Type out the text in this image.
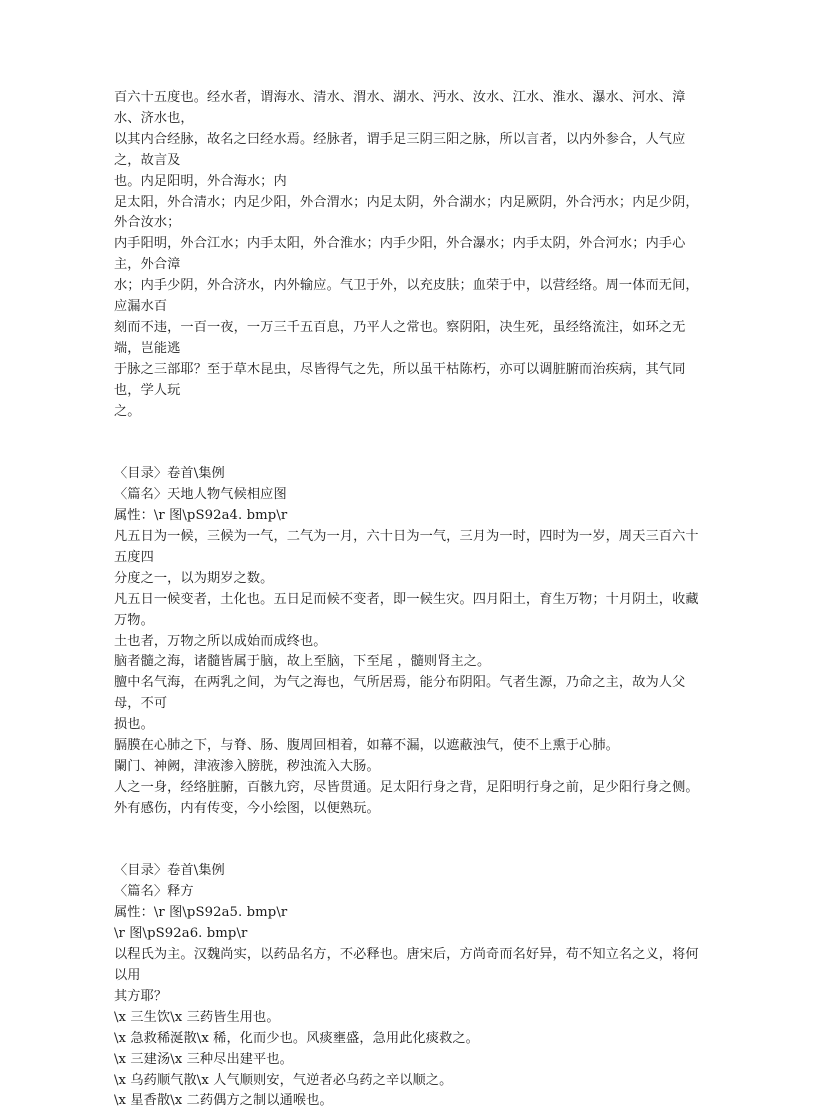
百六十五度也。经水者，谓海水、清水、渭水、湖水、沔水、汝水、江水、淮水、瀑水、河水、漳水、济水也，

以其内合经脉，故名之曰经水焉。经脉者，谓手足三阴三阳之脉，所以言者，以内外参合，人气应之，故言及

也。内足阳明，外合海水；内

足太阳，外合清水；内足少阳，外合渭水；内足太阴，外合湖水；内足厥阴，外合沔水；内足少阴，外合汝水；

内手阳明，外合江水；内手太阳，外合淮水；内手少阳，外合瀑水；内手太阴，外合河水；内手心主，外合漳

水；内手少阴，外合济水，内外输应。气卫于外，以充皮肤；血荣于中，以营经络。周一体而无间，应漏水百

刻而不违，一百一夜，一万三千五百息，乃平人之常也。察阴阳，决生死，虽经络流注，如环之无端，岂能逃

于脉之三部耶？至于草木昆虫，尽皆得气之先，所以虽干枯陈朽，亦可以调脏腑而治疾病，其气同也，学人玩

之。

〈目录〉卷首\集例

〈篇名〉天地人物气候相应图

属性：\r 图\pS92a4. bmp\r

凡五日为一候，三候为一气，二气为一月，六十日为一气，三月为一时，四时为一岁，周天三百六十五度四

分度之一，以为期岁之数。

凡五日一候变者，土化也。五日足而候不变者，即一候生灾。四月阳土，育生万物；十月阴土，收藏万物。

土也者，万物之所以成始而成终也。

脑者髓之海，诸髓皆属于脑，故上至脑，下至尾 ，髓则肾主之。

膻中名气海，在两乳之间，为气之海也，气所居焉，能分布阴阳。气者生源，乃命之主，故为人父母，不可

损也。

膈膜在心肺之下，与脊、肠、腹周回相着，如幕不漏，以遮蔽浊气，使不上熏于心肺。

闌门、神阙，津液渗入膀胱，秽浊流入大肠。

人之一身，经络脏腑，百骸九窍，尽皆贯通。足太阳行身之背，足阳明行身之前，足少阳行身之侧。外有感伤，内有传变，今小绘图，以便熟玩。

〈目录〉卷首\集例

〈篇名〉释方

属性：\r 图\pS92a5. bmp\r

\r 图\pS92a6. bmp\r

以程氏为主。汉魏尚实，以药品名方，不必释也。唐宋后，方尚奇而名好异，苟不知立名之义，将何以用

其方耶？

\x 三生饮\x 三药皆生用也。

\x 急救稀涎散\x 稀，化而少也。风痰壅盛，急用此化痰救之。

\x 三建汤\x 三种尽出建平也。

\x 乌药顺气散\x 人气顺则安，气逆者必乌药之辛以顺之。

\x 星香散\x 二药偶方之制以通喉也。
